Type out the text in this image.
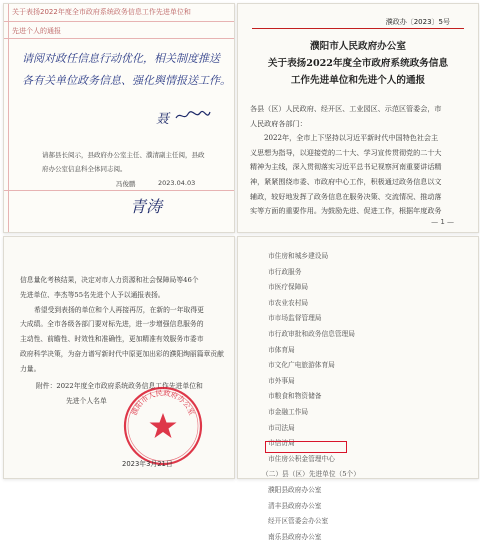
关于表扬2022年度全市政府系统政务信息工作先进单位和
先进个人的通报
请阅对政任信息行动优化，相关制度推送
各有关单位政务信息、强化舆情报送工作。
聂
请郝县长阅示，县政府办公室主任、濮清副主任阅，县政
府办公室信息科全体同志阅。
冯俊鹏	2023.04.03
青涛
濮政办〔2023〕5号
濮阳市人民政府办公室
关于表扬2022年度全市政府系统政务信息
工作先进单位和先进个人的通报

各县（区）人民政府、经开区、工业园区、示范区管委会，市

人民政府各部门：

2022年，全市上下坚持以习近平新时代中国特色社会主

义思想为指导，以迎接党的二十大、学习宣传贯彻党的二十大

精神为主线，深入贯彻落实习近平总书记视察河南重要讲话精

神，紧紧围绕市委、市政府中心工作，积极通过政务信息以文

辅政，较好地发挥了政务信息在服务决策、交流情况、推动落

实等方面的重要作用。为鼓励先进、促进工作，根据年度政务

— 1 —

信息量化考核结果，决定对市人力资源和社会保障局等46个

先进单位、李杰等55名先进个人予以通报表扬。

希望受到表扬的单位和个人再接再厉，在新的一年取得更

大成绩。全市各级各部门要对标先进，进一步增强信息服务的

主动性、前瞻性、时效性和准确性，更加精准有效服务市委市

政府科学决策，为奋力谱写新时代中原更加出彩的濮阳绚丽篇章贡献

力量。

附件：2022年度全市政府系统政务信息工作先进单位和
先进个人名单
濮阳市人民政府办公室
2023年3月21日
市住房和城乡建设局
市行政服务
市医疗保障局
市农业农村局
市市场监督管理局
市行政审批和政务信息管理局
市体育局
市文化广电旅游体育局
市外事局
市粮食和物资储备
市金融工作局
市司法局
市信访局
市住房公积金管理中心
（二）县（区）先进单位（5个）
濮阳县政府办公室
清丰县政府办公室
经开区管委会办公室
南乐县政府办公室
